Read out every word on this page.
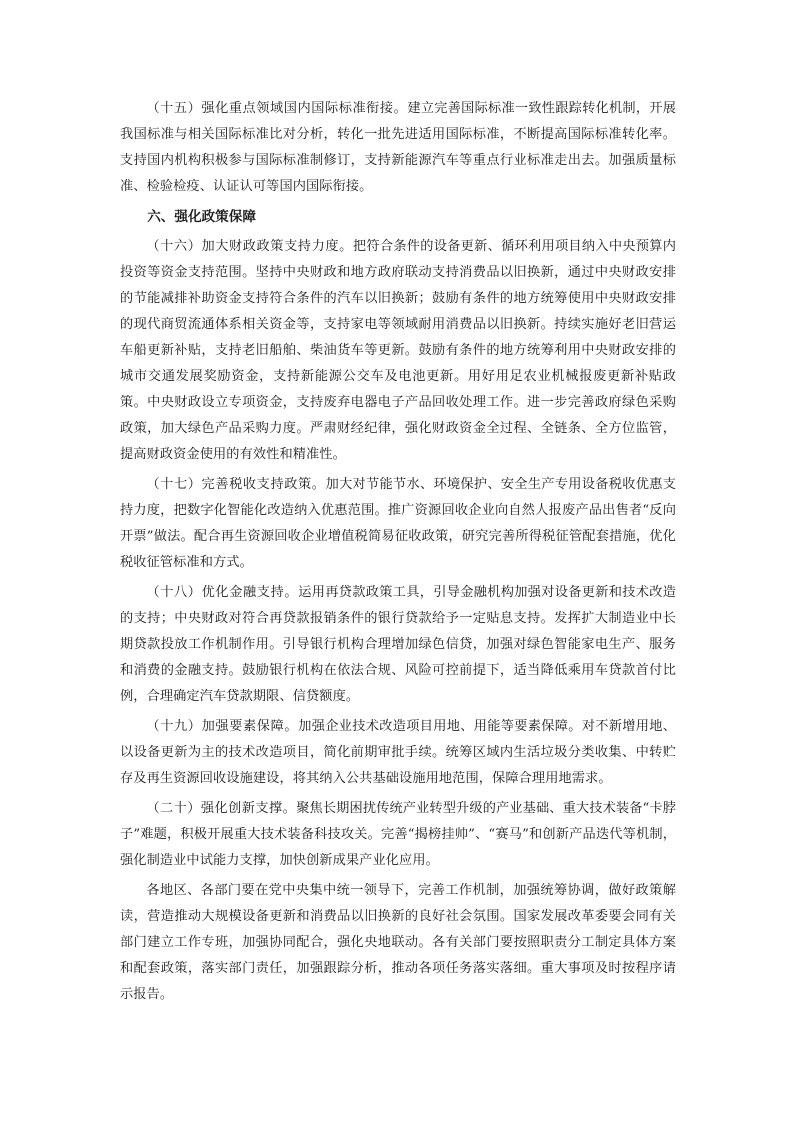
（十五）强化重点领域国内国际标准衔接。建立完善国际标准一致性跟踪转化机制，开展我国标准与相关国际标准比对分析，转化一批先进适用国际标准，不断提高国际标准转化率。支持国内机构积极参与国际标准制修订，支持新能源汽车等重点行业标准走出去。加强质量标准、检验检疫、认证认可等国内国际衔接。

六、强化政策保障

（十六）加大财政政策支持力度。把符合条件的设备更新、循环利用项目纳入中央预算内投资等资金支持范围。坚持中央财政和地方政府联动支持消费品以旧换新，通过中央财政安排的节能减排补助资金支持符合条件的汽车以旧换新；鼓励有条件的地方统筹使用中央财政安排的现代商贸流通体系相关资金等，支持家电等领域耐用消费品以旧换新。持续实施好老旧营运车船更新补贴，支持老旧船舶、柴油货车等更新。鼓励有条件的地方统筹利用中央财政安排的城市交通发展奖励资金，支持新能源公交车及电池更新。用好用足农业机械报废更新补贴政策。中央财政设立专项资金，支持废弃电器电子产品回收处理工作。进一步完善政府绿色采购政策，加大绿色产品采购力度。严肃财经纪律，强化财政资金全过程、全链条、全方位监管，提高财政资金使用的有效性和精准性。

（十七）完善税收支持政策。加大对节能节水、环境保护、安全生产专用设备税收优惠支持力度，把数字化智能化改造纳入优惠范围。推广资源回收企业向自然人报废产品出售者“反向开票”做法。配合再生资源回收企业增值税简易征收政策，研究完善所得税征管配套措施，优化税收征管标准和方式。

（十八）优化金融支持。运用再贷款政策工具，引导金融机构加强对设备更新和技术改造的支持；中央财政对符合再贷款报销条件的银行贷款给予一定贴息支持。发挥扩大制造业中长期贷款投放工作机制作用。引导银行机构合理增加绿色信贷，加强对绿色智能家电生产、服务和消费的金融支持。鼓励银行机构在依法合规、风险可控前提下，适当降低乘用车贷款首付比例，合理确定汽车贷款期限、信贷额度。

（十九）加强要素保障。加强企业技术改造项目用地、用能等要素保障。对不新增用地、以设备更新为主的技术改造项目，简化前期审批手续。统筹区域内生活垃圾分类收集、中转贮存及再生资源回收设施建设，将其纳入公共基础设施用地范围，保障合理用地需求。

（二十）强化创新支撑。聚焦长期困扰传统产业转型升级的产业基础、重大技术装备“卡脖子”难题，积极开展重大技术装备科技攻关。完善“揭榜挂帅”、“赛马”和创新产品迭代等机制，强化制造业中试能力支撑，加快创新成果产业化应用。

各地区、各部门要在党中央集中统一领导下，完善工作机制，加强统筹协调，做好政策解读，营造推动大规模设备更新和消费品以旧换新的良好社会氛围。国家发展改革委要会同有关部门建立工作专班，加强协同配合，强化央地联动。各有关部门要按照职责分工制定具体方案和配套政策，落实部门责任，加强跟踪分析，推动各项任务落实落细。重大事项及时按程序请示报告。
